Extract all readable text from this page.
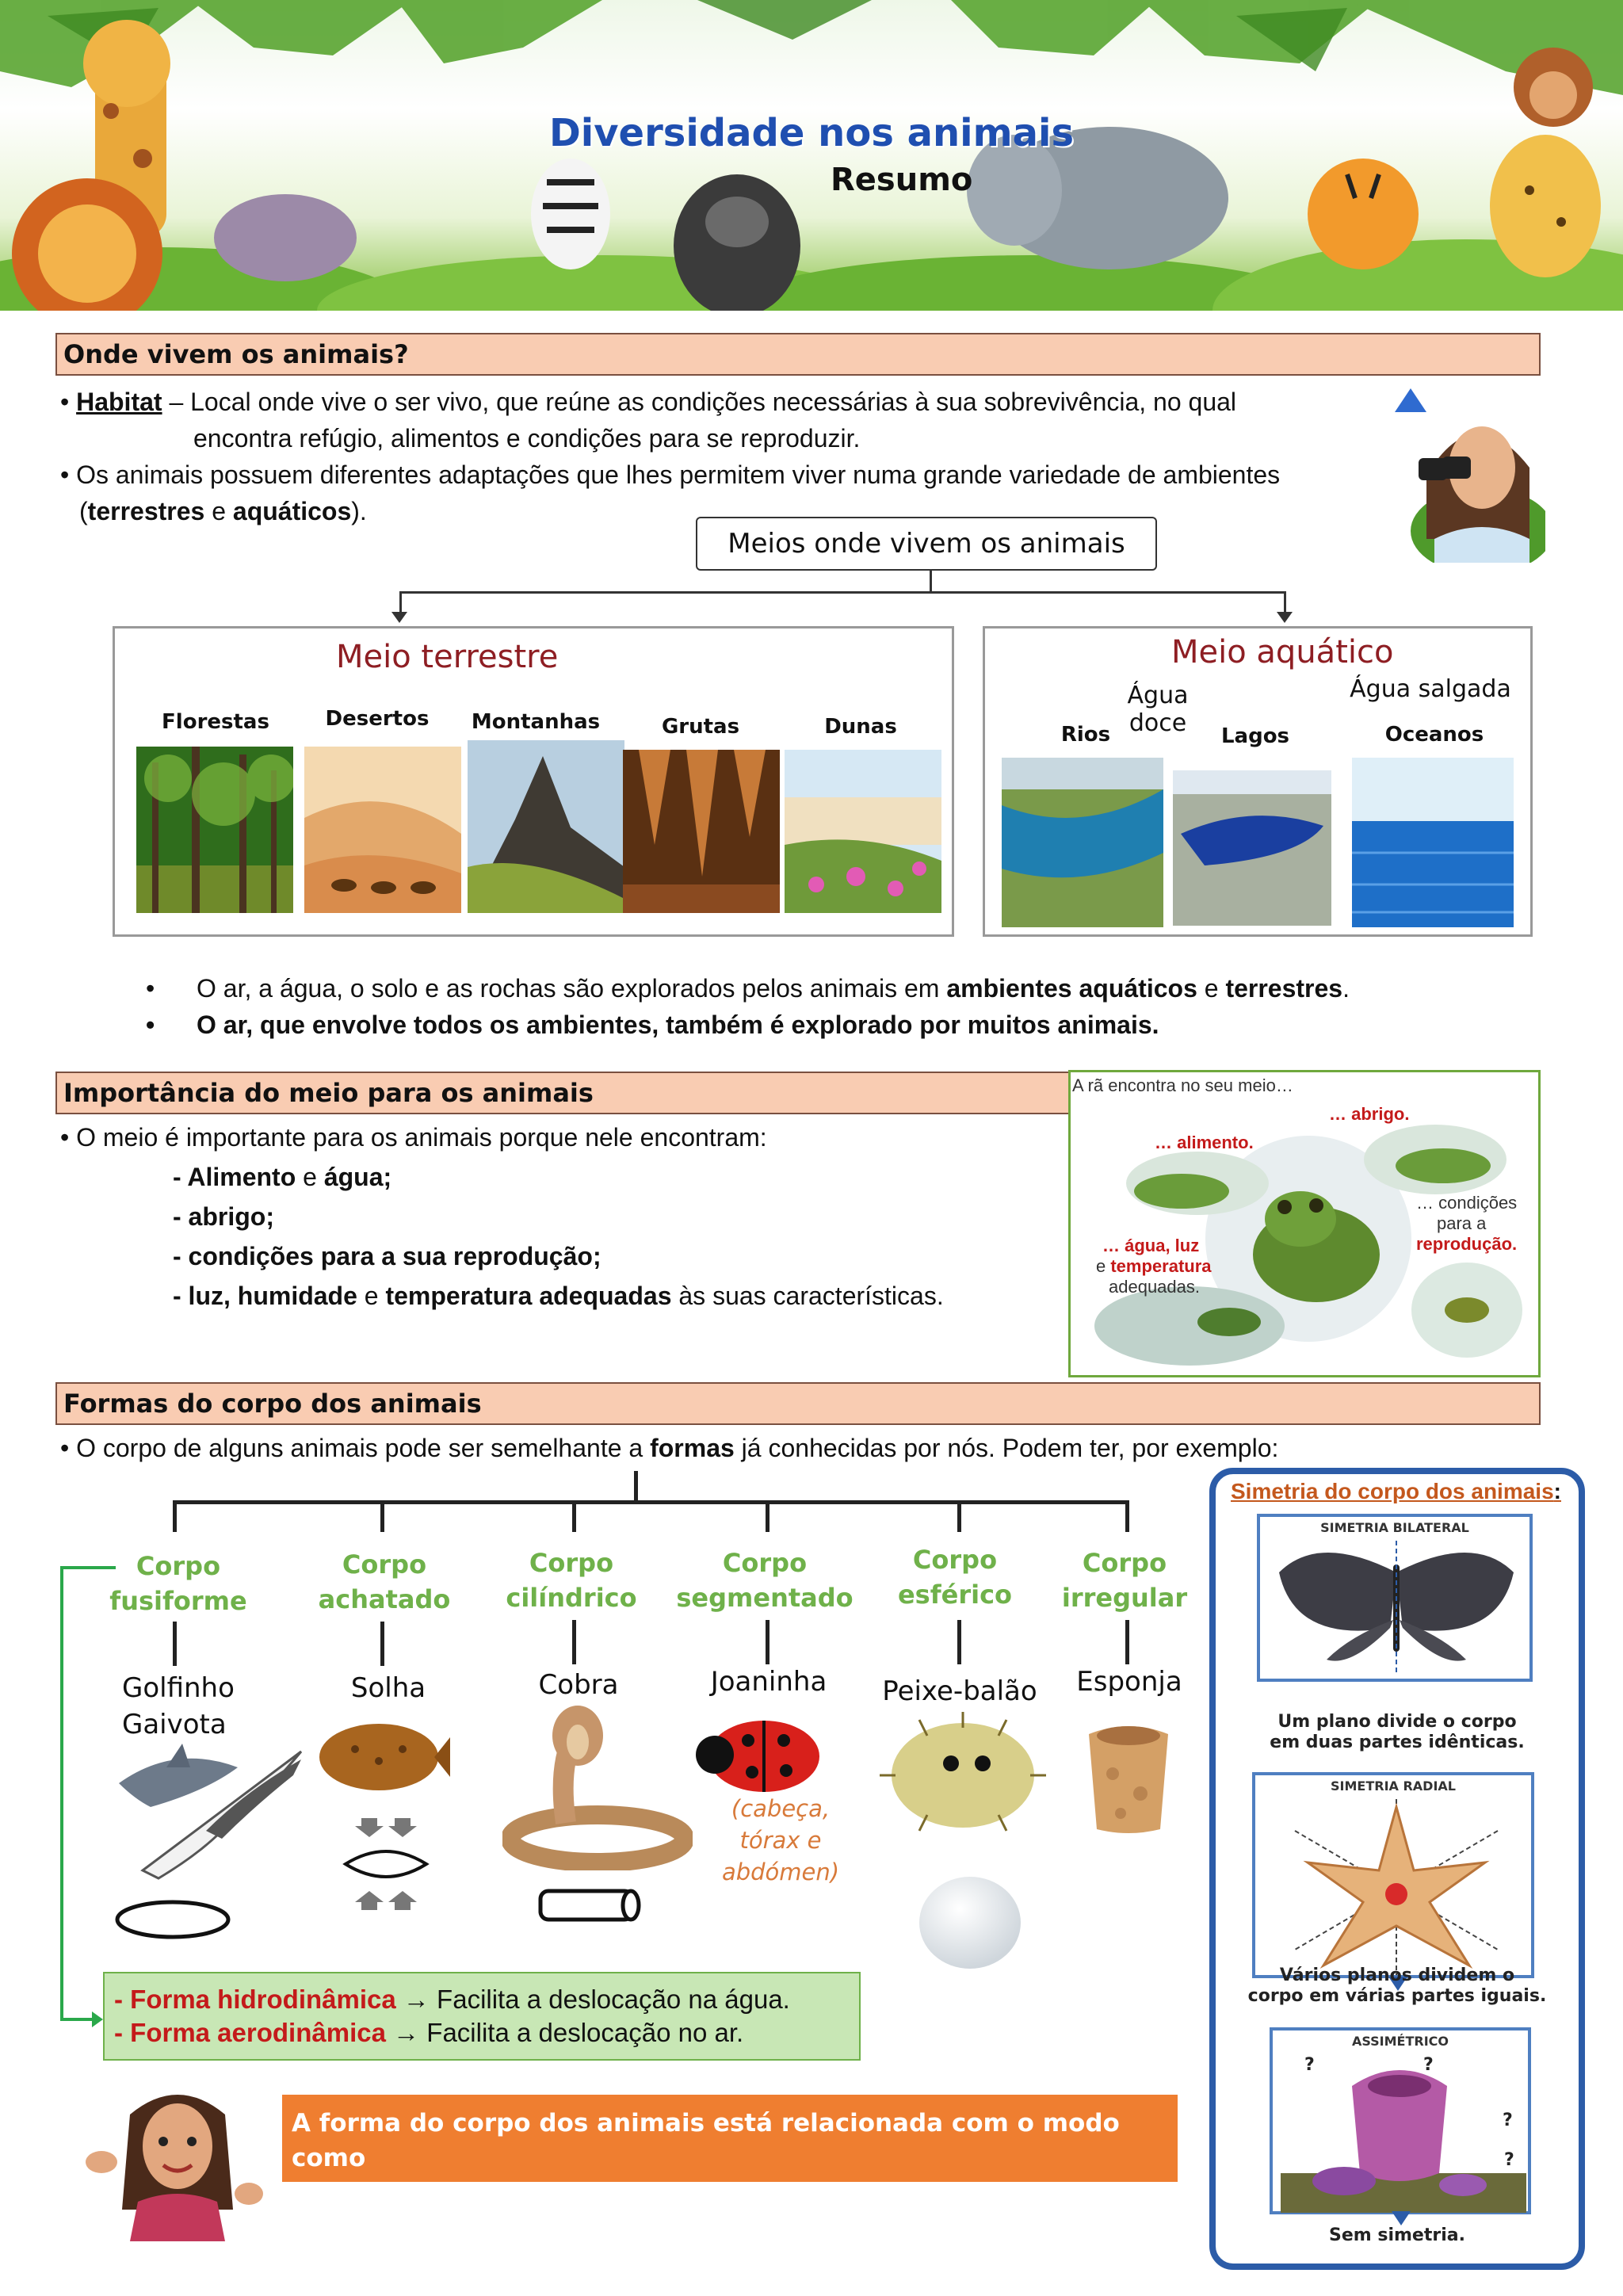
Diversidade nos animais
Resumo
Onde vivem os animais?
• Habitat – Local onde vive o ser vivo, que reúne as condições necessárias à sua sobrevivência, no qual
encontra refúgio, alimentos e condições para se reproduzir.
• Os animais possuem diferentes adaptações que lhes permitem viver numa grande variedade de ambientes
(terrestres e aquáticos).
Meios onde vivem os animais
Meio terrestre
Florestas	Desertos	Montanhas	Grutas	Dunas
Meio aquático
Água doce
Água salgada
Rios	Lagos	Oceanos
• O ar, a água, o solo e as rochas são explorados pelos animais em ambientes aquáticos e terrestres.
• O ar, que envolve todos os ambientes, também é explorado por muitos animais.
Importância do meio para os animais
• O meio é importante para os animais porque nele encontram:
- Alimento e água;
- abrigo;
- condições para a sua reprodução;
- luz, humidade e temperatura adequadas às suas características.
A rã encontra no seu meio…
… alimento.
… abrigo.
… condições
para a
reprodução.
… água, luz
e temperatura
adequadas.
Formas do corpo dos animais
• O corpo de alguns animais pode ser semelhante a formas já conhecidas por nós. Podem ter, por exemplo:
Corpo
fusiforme
Corpo
achatado
Corpo
cilíndrico
Corpo
segmentado
Corpo
esférico
Corpo
irregular
Golfinho
Gaivota
Solha	Cobra	Joaninha	Peixe-balão	Esponja
(cabeça,
tórax e
abdómen)
- Forma hidrodinâmica → Facilita a deslocação na água.
- Forma aerodinâmica → Facilita a deslocação no ar.
A forma do corpo dos animais está relacionada com o modo como
exploram o meio onde vivem.
Simetria do corpo dos animais:
SIMETRIA BILATERAL
Um plano divide o corpo
em duas partes idênticas.
SIMETRIA RADIAL
Vários planos dividem o
corpo em várias partes iguais.
ASSIMÉTRICO
?
?
?
?
Sem simetria.
